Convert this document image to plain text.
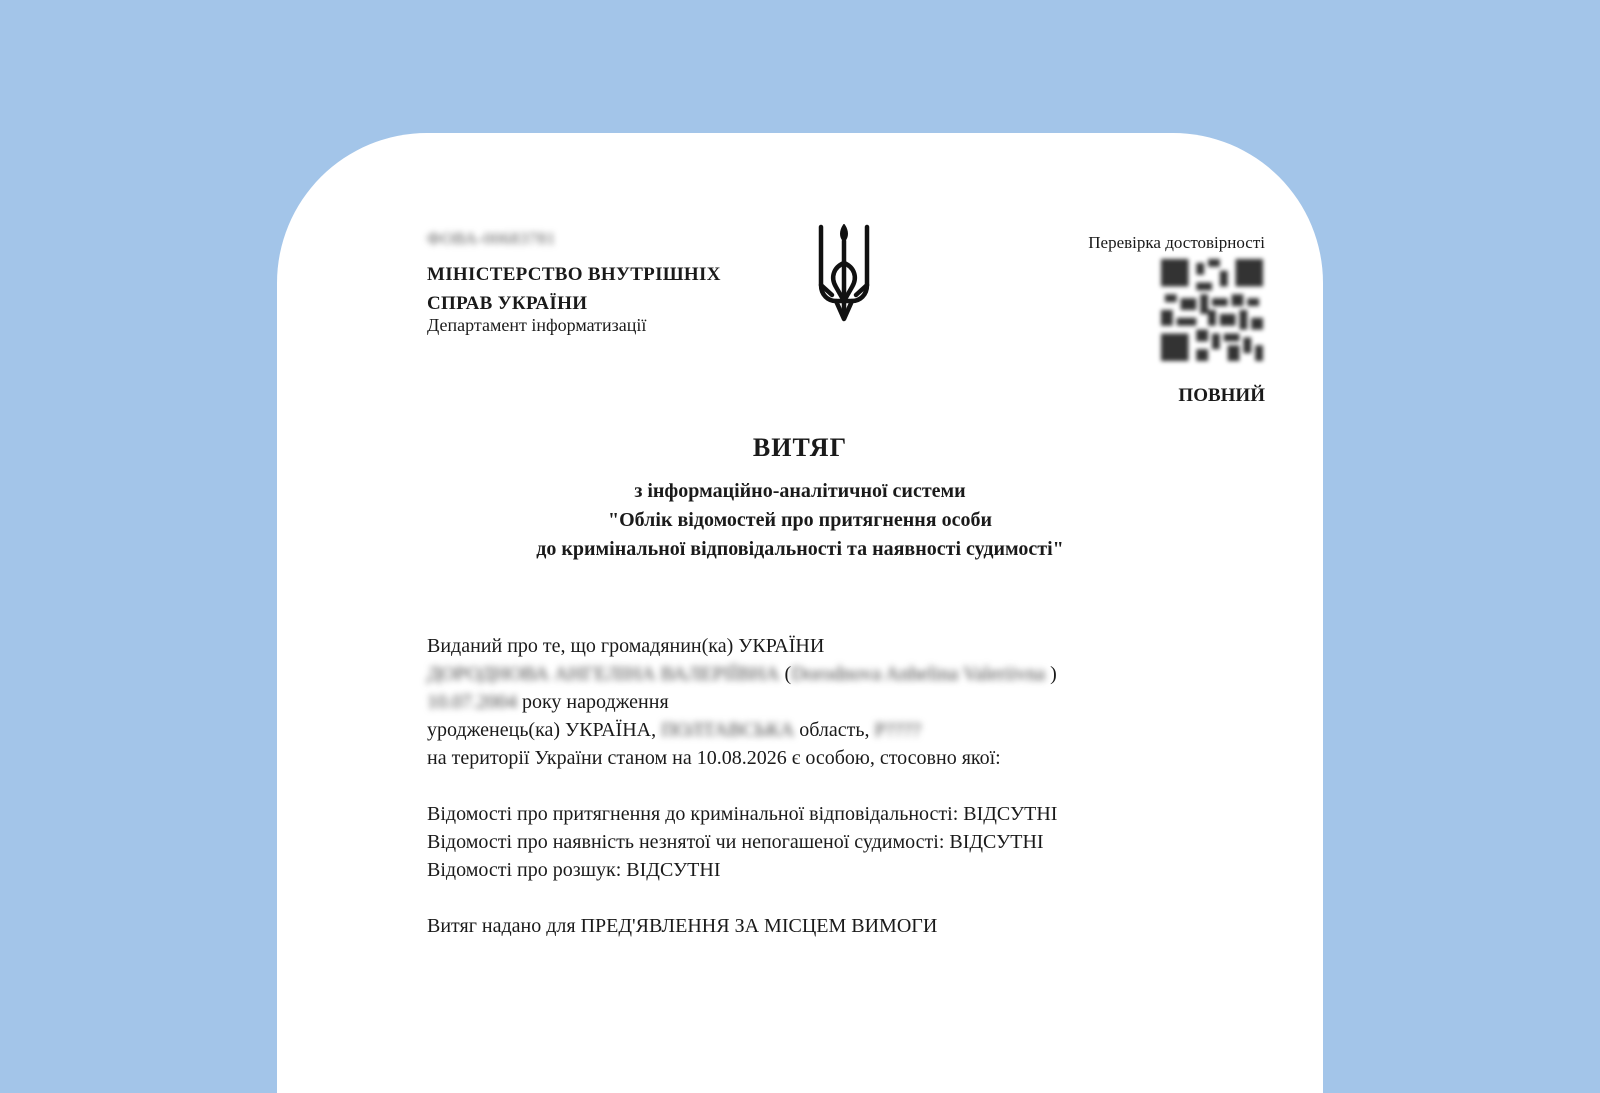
ФОВА-00683781
МІНІСТЕРСТВО ВНУТРІШНІХ
СПРАВ УКРАЇНИ
Департамент інформатизації
Перевірка достовірності
ПОВНИЙ
ВИТЯГ
з інформаційно-аналітичної системи
"Облік відомостей про притягнення особи
до кримінальної відповідальності та наявності судимості"
Виданий про те, що громадянин(ка) УКРАЇНИ
ДОРОДНОВА АНГЕЛІНА ВАЛЕРІЇВНА (Dorodnova Anhelina Valeriivna )
10.07.2004 року народження
уродженець(ка) УКРАЇНА, ПОЛТАВСЬКА область, Р????
на території України станом на 10.08.2026 є особою, стосовно якої:
Відомості про притягнення до кримінальної відповідальності: ВІДСУТНІ
Відомості про наявність незнятої чи непогашеної судимості: ВІДСУТНІ
Відомості про розшук: ВІДСУТНІ
Витяг надано для ПРЕД'ЯВЛЕННЯ ЗА МІСЦЕМ ВИМОГИ
